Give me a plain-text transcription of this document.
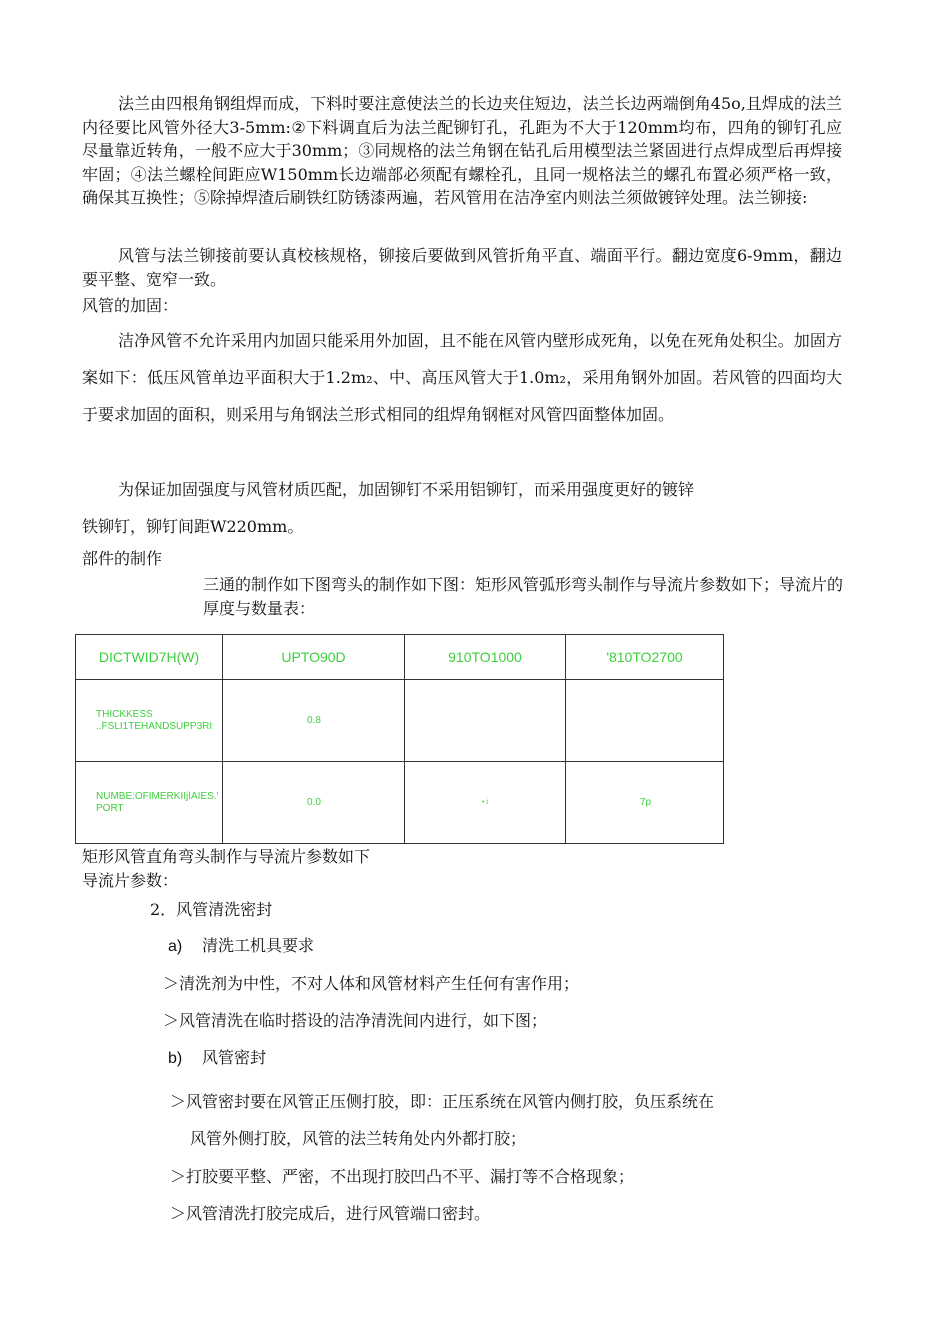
法兰由四根角钢组焊而成，下料时要注意使法兰的长边夹住短边，法兰长边两端倒角45o,且焊成的法兰内径要比风管外径大3-5mm:②下料调直后为法兰配铆钉孔，孔距为不大于120mm均布，四角的铆钉孔应尽量靠近转角，一般不应大于30mm；③同规格的法兰角钢在钻孔后用模型法兰紧固进行点焊成型后再焊接牢固；④法兰螺栓间距应W150mm长边端部必须配有螺栓孔，且同一规格法兰的螺孔布置必须严格一致，确保其互换性；⑤除掉焊渣后刷铁红防锈漆两遍，若风管用在洁净室内则法兰须做镀锌处理。法兰铆接:

风管与法兰铆接前要认真校核规格，铆接后要做到风管折角平直、端面平行。翻边宽度6-9mm，翻边要平整、宽窄一致。

风管的加固：

洁净风管不允许采用内加固只能采用外加固，且不能在风管内壁形成死角，以免在死角处积尘。加固方案如下：低压风管单边平面积大于1.2m₂、中、高压风管大于1.0m₂，采用角钢外加固。若风管的四面均大于要求加固的面积，则采用与角钢法兰形式相同的组焊角钢框对风管四面整体加固。

为保证加固强度与风管材质匹配，加固铆钉不采用铝铆钉，而采用强度更好的镀锌

铁铆钉，铆钉间距W220mm。

部件的制作

三通的制作如下图弯头的制作如下图：矩形风管弧形弯头制作与导流片参数如下；导流片的厚度与数量表：

DICTWID7H(W)	UPTO90D	910TO1000	'810TO2700
THICKKESS ..FSLI1TEHANDSUPP3RI	0.8		
NUMBE:OFIMERKIIjIAIES.' PORT	0.0	• i	7p

矩形风管直角弯头制作与导流片参数如下

导流片参数：

2．风管清洗密封

a) 清洗工机具要求

＞清洗剂为中性，不对人体和风管材料产生任何有害作用；

＞风管清洗在临时搭设的洁净清洗间内进行，如下图；

b) 风管密封

＞风管密封要在风管正压侧打胶，即：正压系统在风管内侧打胶，负压系统在

风管外侧打胶，风管的法兰转角处内外都打胶；

＞打胶要平整、严密，不出现打胶凹凸不平、漏打等不合格现象；

＞风管清洗打胶完成后，进行风管端口密封。
